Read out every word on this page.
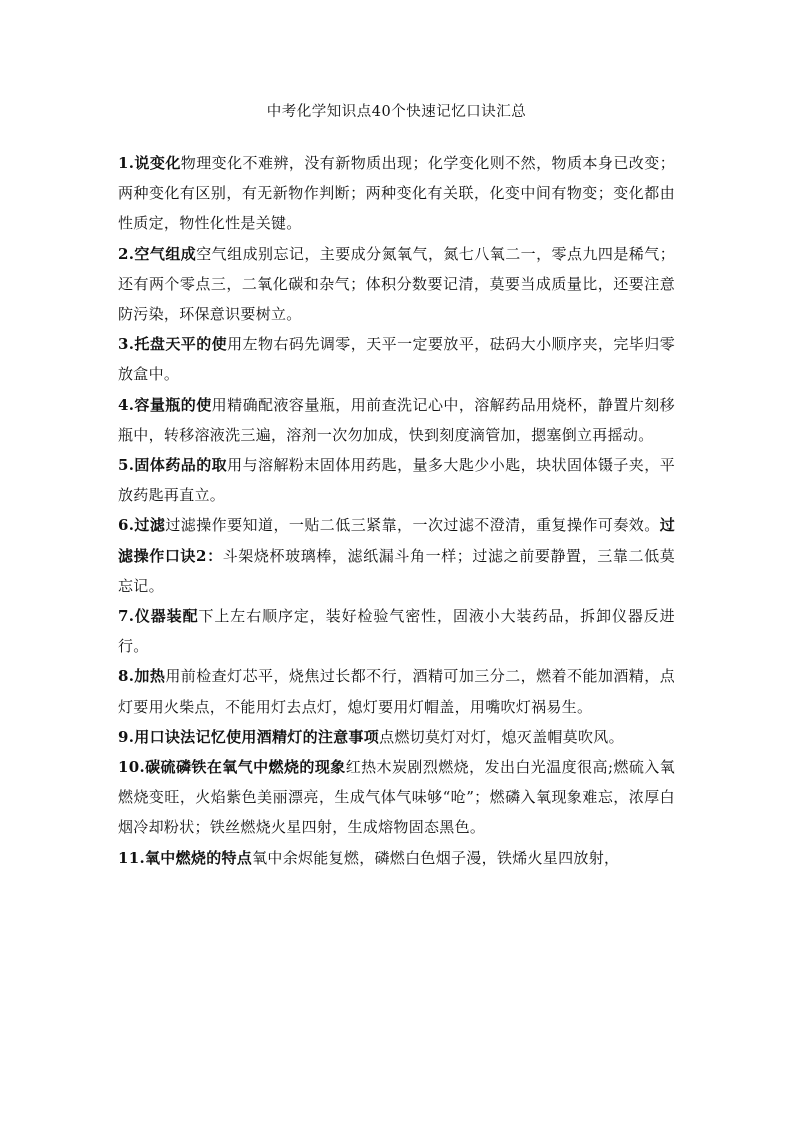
中考化学知识点40个快速记忆口诀汇总

1.说变化物理变化不难辨，没有新物质出现；化学变化则不然，物质本身已改变；两种变化有区别，有无新物作判断；两种变化有关联，化变中间有物变；变化都由性质定，物性化性是关键。

2.空气组成空气组成别忘记，主要成分氮氧气，氮七八氧二一，零点九四是稀气；还有两个零点三，二氧化碳和杂气；体积分数要记清，莫要当成质量比，还要注意防污染，环保意识要树立。

3.托盘天平的使用左物右码先调零，天平一定要放平，砝码大小顺序夹，完毕归零放盒中。

4.容量瓶的使用精确配液容量瓶，用前查洗记心中，溶解药品用烧杯，静置片刻移瓶中，转移溶液洗三遍，溶剂一次勿加成，快到刻度滴管加，摁塞倒立再摇动。

5.固体药品的取用与溶解粉末固体用药匙，量多大匙少小匙，块状固体镊子夹，平放药匙再直立。

6.过滤过滤操作要知道，一贴二低三紧靠，一次过滤不澄清，重复操作可奏效。过滤操作口诀2：斗架烧杯玻璃棒，滤纸漏斗角一样；过滤之前要静置，三靠二低莫忘记。

7.仪器装配下上左右顺序定，装好检验气密性，固液小大装药品，拆卸仪器反进行。

8.加热用前检查灯芯平，烧焦过长都不行，酒精可加三分二，燃着不能加酒精，点灯要用火柴点，不能用灯去点灯，熄灯要用灯帽盖，用嘴吹灯祸易生。

9.用口诀法记忆使用酒精灯的注意事项点燃切莫灯对灯，熄灭盖帽莫吹风。

10.碳硫磷铁在氧气中燃烧的现象红热木炭剧烈燃烧，发出白光温度很高;燃硫入氧燃烧变旺，火焰紫色美丽漂亮，生成气体气味够“呛”；燃磷入氧现象难忘，浓厚白烟冷却粉状；铁丝燃烧火星四射，生成熔物固态黑色。

11.氧中燃烧的特点氧中余烬能复燃，磷燃白色烟子漫，铁烯火星四放射，
